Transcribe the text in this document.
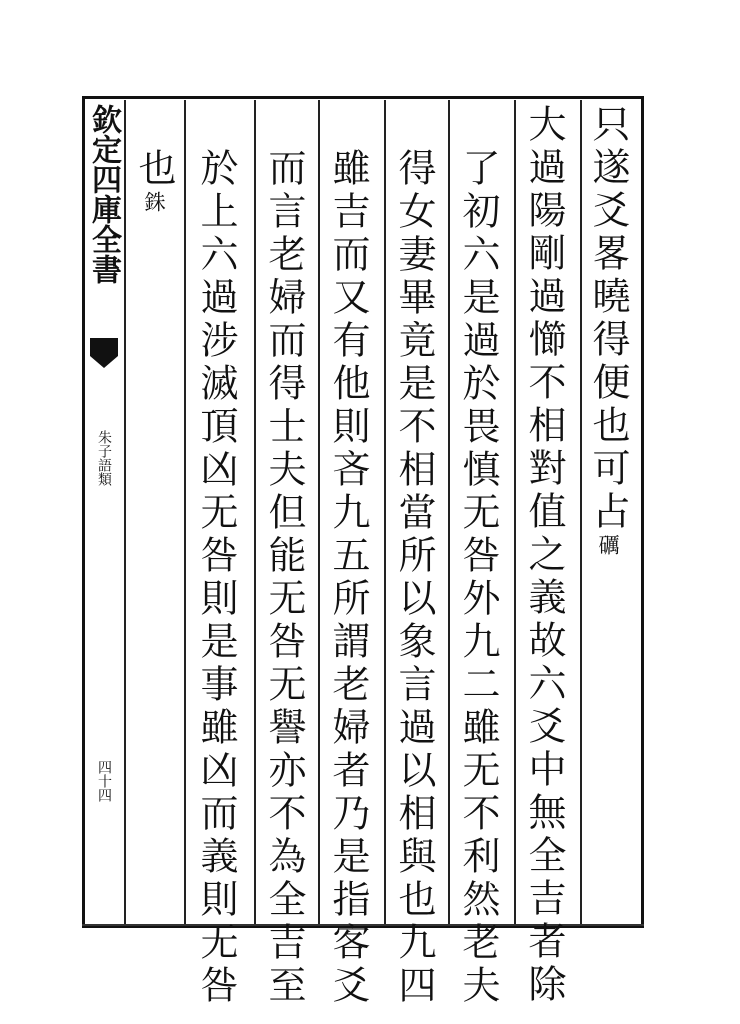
欽定四庫全書
朱子語類
四十四
只遂爻畧曉得便也可占礪
大過陽剛過㦢不相對值之義故六爻中無全吉者除
了初六是過於畏慎无咎外九二雖无不利然老夫
得女妻畢竟是不相當所以象言過以相與也九四
雖吉而又有他則吝九五所謂老婦者乃是指客爻
而言老婦而得士夫但能无咎无譽亦不為全吉至
於上六過涉滅頂凶无咎則是事雖凶而義則无咎
也銖
